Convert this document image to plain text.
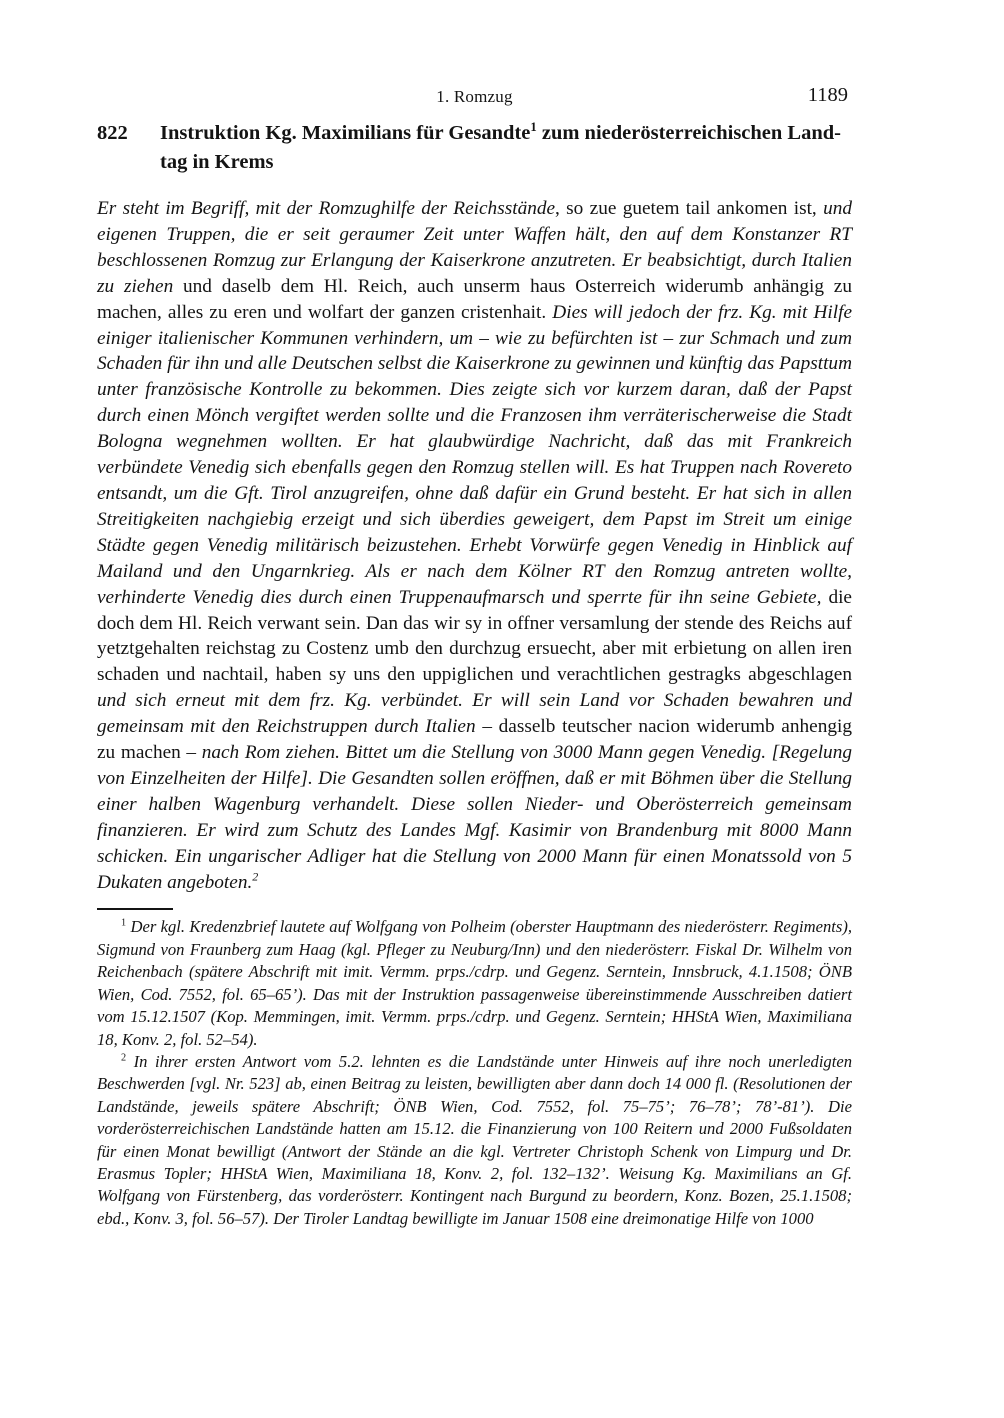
1. Romzug	1189
822	Instruktion Kg. Maximilians für Gesandte$^1$ zum niederösterreichischen Land-
tag in Krems
Er steht im Begriff, mit der Romzughilfe der Reichsstände, so zue guetem tail ankomen ist, und eigenen Truppen, die er seit geraumer Zeit unter Waffen hält, den auf dem Konstanzer RT beschlossenen Romzug zur Erlangung der Kaiserkrone anzutreten. Er beabsichtigt, durch Italien zu ziehen und daselb dem Hl. Reich, auch unserm haus Osterreich widerumb anhängig zu machen, alles zu eren und wolfart der ganzen cristenhait. Dies will jedoch der frz. Kg. mit Hilfe einiger italienischer Kommunen verhindern, um – wie zu befürchten ist – zur Schmach und zum Schaden für ihn und alle Deutschen selbst die Kaiserkrone zu gewinnen und künftig das Papsttum unter französische Kontrolle zu bekommen. Dies zeigte sich vor kurzem daran, daß der Papst durch einen Mönch vergiftet werden sollte und die Franzosen ihm verräterischerweise die Stadt Bologna wegnehmen wollten. Er hat glaubwürdige Nachricht, daß das mit Frankreich verbündete Venedig sich ebenfalls gegen den Romzug stellen will. Es hat Truppen nach Rovereto entsandt, um die Gft. Tirol anzugreifen, ohne daß dafür ein Grund besteht. Er hat sich in allen Streitigkeiten nachgiebig erzeigt und sich überdies geweigert, dem Papst im Streit um einige Städte gegen Venedig militärisch beizustehen. Erhebt Vorwürfe gegen Venedig in Hinblick auf Mailand und den Ungarnkrieg. Als er nach dem Kölner RT den Romzug antreten wollte, verhinderte Venedig dies durch einen Truppenaufmarsch und sperrte für ihn seine Gebiete, die doch dem Hl. Reich verwant sein. Dan das wir sy in offner versamlung der stende des Reichs auf yetztgehalten reichstag zu Costenz umb den durchzug ersuecht, aber mit erbietung on allen iren schaden und nachtail, haben sy uns den uppiglichen und verachtlichen gestragks abgeschlagen und sich erneut mit dem frz. Kg. verbündet. Er will sein Land vor Schaden bewahren und gemeinsam mit den Reichstruppen durch Italien – dasselb teutscher nacion widerumb anhengig zu machen – nach Rom ziehen. Bittet um die Stellung von 3000 Mann gegen Venedig. [Regelung von Einzelheiten der Hilfe]. Die Gesandten sollen eröffnen, daß er mit Böhmen über die Stellung einer halben Wagenburg verhandelt. Diese sollen Nieder- und Oberösterreich gemeinsam finanzieren. Er wird zum Schutz des Landes Mgf. Kasimir von Brandenburg mit 8000 Mann schicken. Ein ungarischer Adliger hat die Stellung von 2000 Mann für einen Monatssold von 5 Dukaten angeboten.$^2$

$^1$ Der kgl. Kredenzbrief lautete auf Wolfgang von Polheim (oberster Hauptmann des niederösterr. Regiments), Sigmund von Fraunberg zum Haag (kgl. Pfleger zu Neuburg/Inn) und den niederösterr. Fiskal Dr. Wilhelm von Reichenbach (spätere Abschrift mit imit. Vermm. prps./cdrp. und Gegenz. Serntein, Innsbruck, 4.1.1508; ÖNB Wien, Cod. 7552, fol. 65–65’). Das mit der Instruktion passagenweise übereinstimmende Ausschreiben datiert vom 15.12.1507 (Kop. Memmingen, imit. Vermm. prps./cdrp. und Gegenz. Serntein; HHStA Wien, Maximiliana 18, Konv. 2, fol. 52–54).

$^2$ In ihrer ersten Antwort vom 5.2. lehnten es die Landstände unter Hinweis auf ihre noch unerledigten Beschwerden [vgl. Nr. 523] ab, einen Beitrag zu leisten, bewilligten aber dann doch 14 000 fl. (Resolutionen der Landstände, jeweils spätere Abschrift; ÖNB Wien, Cod. 7552, fol. 75–75’; 76–78’; 78’-81’). Die vorderösterreichischen Landstände hatten am 15.12. die Finanzierung von 100 Reitern und 2000 Fußsoldaten für einen Monat bewilligt (Antwort der Stände an die kgl. Vertreter Christoph Schenk von Limpurg und Dr. Erasmus Topler; HHStA Wien, Maximiliana 18, Konv. 2, fol. 132–132’. Weisung Kg. Maximilians an Gf. Wolfgang von Fürstenberg, das vorderösterr. Kontingent nach Burgund zu beordern, Konz. Bozen, 25.1.1508; ebd., Konv. 3, fol. 56–57). Der Tiroler Landtag bewilligte im Januar 1508 eine dreimonatige Hilfe von 1000
